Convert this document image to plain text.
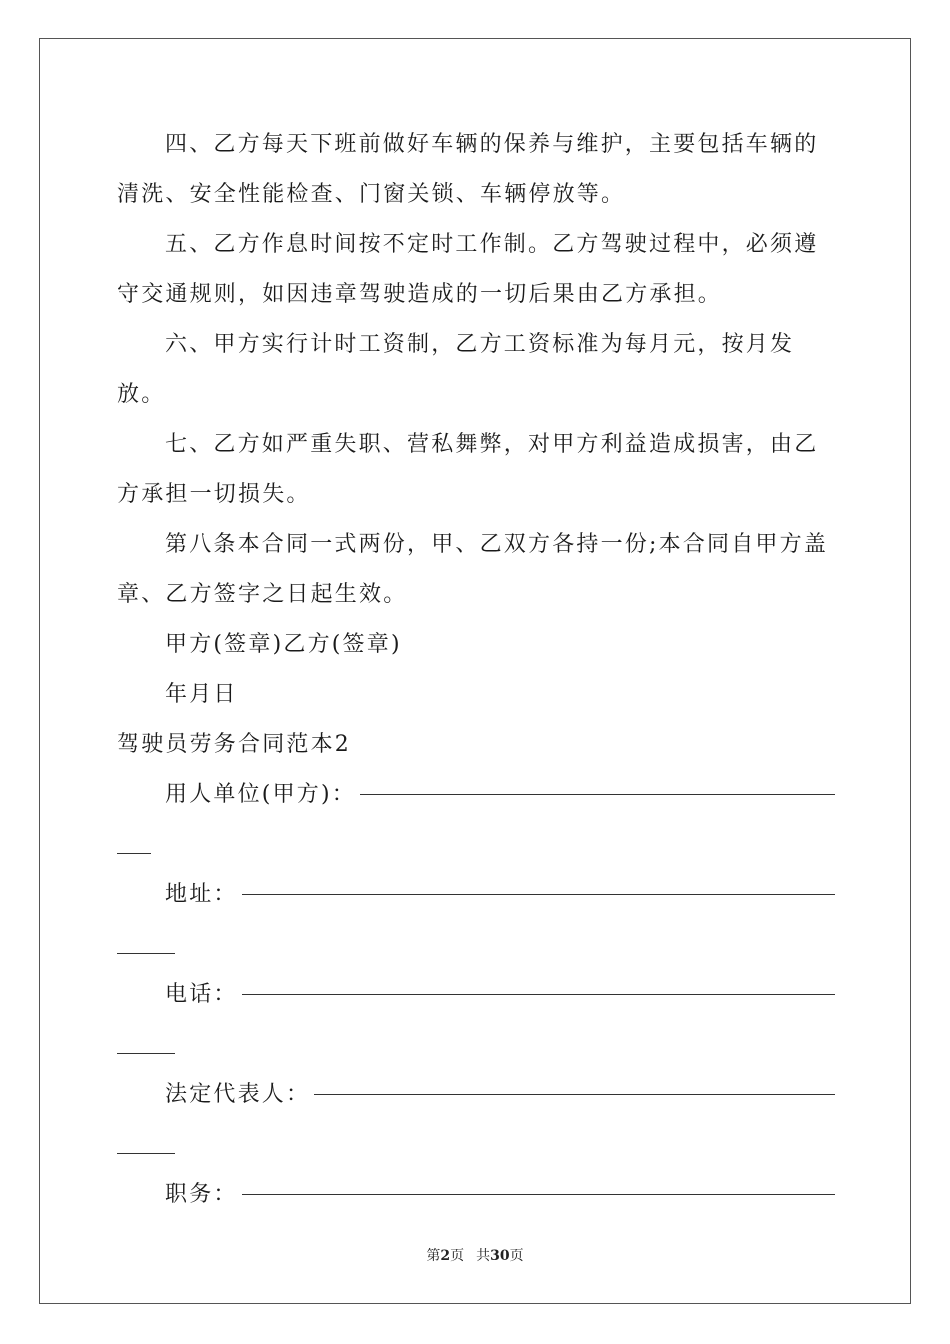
四、乙方每天下班前做好车辆的保养与维护，主要包括车辆的清洗、安全性能检查、门窗关锁、车辆停放等。

五、乙方作息时间按不定时工作制。乙方驾驶过程中，必须遵守交通规则，如因违章驾驶造成的一切后果由乙方承担。

六、甲方实行计时工资制，乙方工资标准为每月元，按月发放。

七、乙方如严重失职、营私舞弊，对甲方利益造成损害，由乙方承担一切损失。

第八条本合同一式两份，甲、乙双方各持一份;本合同自甲方盖章、乙方签字之日起生效。

甲方(签章)乙方(签章)

年月日

驾驶员劳务合同范本2

用人单位(甲方)：
地址：
电话：
法定代表人：
职务：
第2页 共30页
